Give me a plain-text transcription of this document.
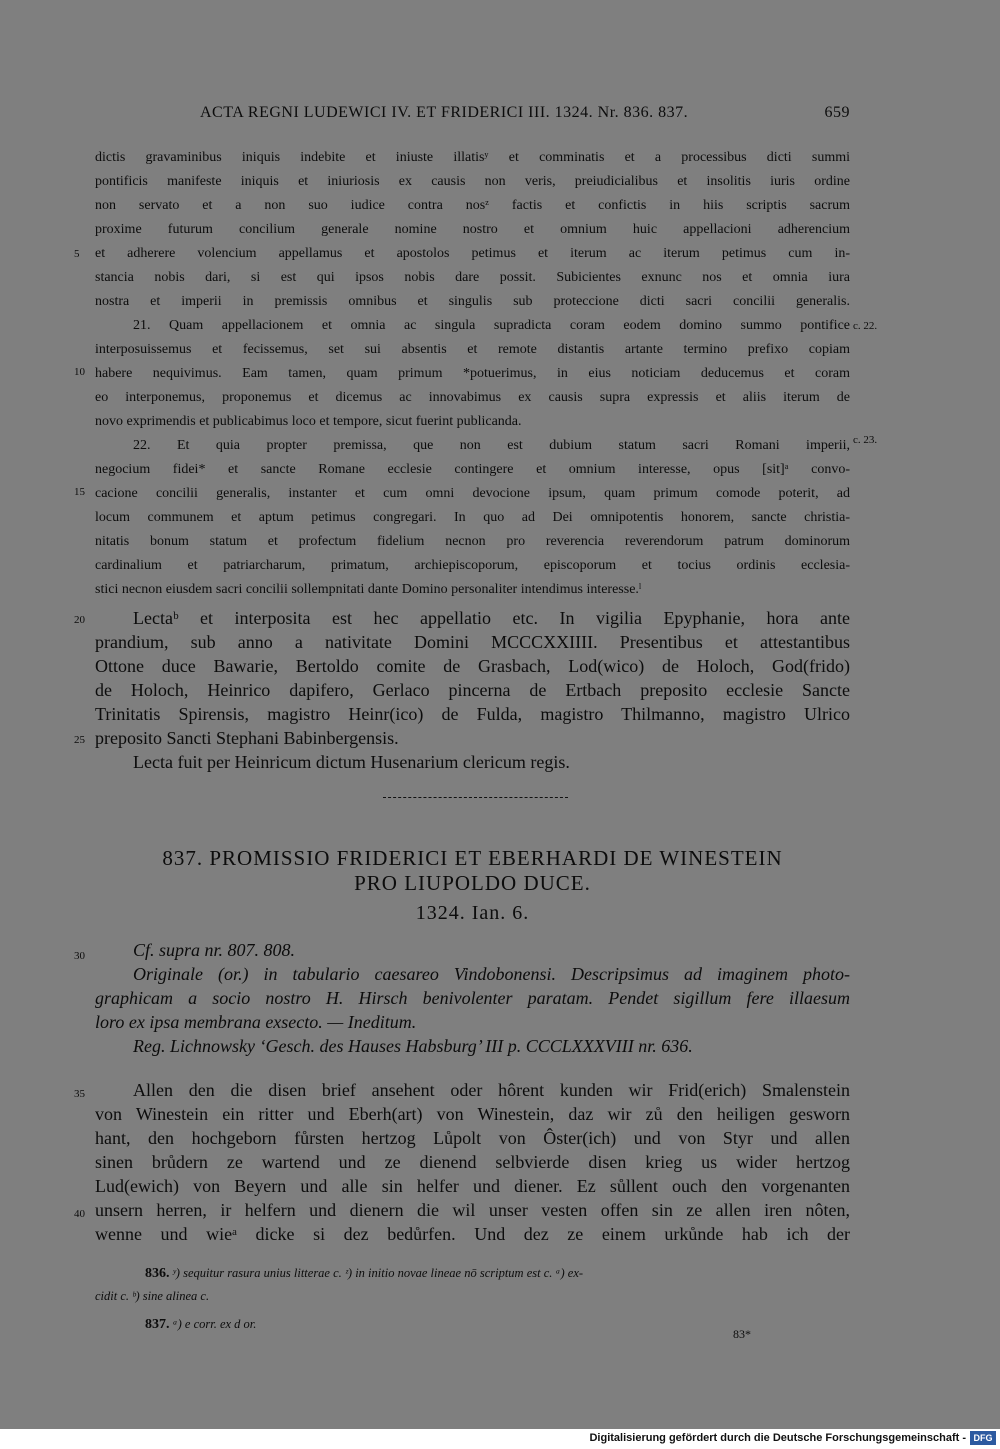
ACTA REGNI LUDEWICI IV. ET FRIDERICI III. 1324. Nr. 836. 837.	659
dictis gravaminibus iniquis indebite et iniuste illatisʸ et comminatis et a processibus dicti summi
pontificis manifeste iniquis et iniuriosis ex causis non veris, preiudicialibus et insolitis iuris ordine
non servato et a non suo iudice contra nosᶻ factis et confictis in hiis scriptis sacrum
proxime futurum concilium generale nomine nostro et omnium huic appellacioni adherencium
et adherere volencium appellamus et apostolos petimus et iterum ac iterum petimus cum in-
stancia nobis dari, si est qui ipsos nobis dare possit. Subicientes exnunc nos et omnia iura
nostra et imperii in premissis omnibus et singulis sub proteccione dicti sacri concilii generalis.
21. Quam appellacionem et omnia ac singula supradicta coram eodem domino summo pontifice
interposuissemus et fecissemus, set sui absentis et remote distantis artante termino prefixo copiam
habere nequivimus. Eam tamen, quam primum *potuerimus, in eius noticiam deducemus et coram
eo interponemus, proponemus et dicemus ac innovabimus ex causis supra expressis et aliis iterum de
novo exprimendis et publicabimus loco et tempore, sicut fuerint publicanda.
22. Et quia propter premissa, que non est dubium statum sacri Romani imperii,
negocium fidei* et sancte Romane ecclesie contingere et omnium interesse, opus [sit]ᵃ convo-
cacione concilii generalis, instanter et cum omni devocione ipsum, quam primum comode poterit, ad
locum communem et aptum petimus congregari. In quo ad Dei omnipotentis honorem, sancte christia-
nitatis bonum statum et profectum fidelium necnon pro reverencia reverendorum patrum dominorum
cardinalium et patriarcharum, primatum, archiepiscoporum, episcoporum et tocius ordinis ecclesia-
stici necnon eiusdem sacri concilii sollempnitati dante Domino personaliter intendimus interesse.ˡ
Lectaᵇ et interposita est hec appellatio etc. In vigilia Epyphanie, hora ante
prandium, sub anno a nativitate Domini MCCCXXIIII. Presentibus et attestantibus
Ottone duce Bawarie, Bertoldo comite de Grasbach, Lod(wico) de Holoch, God(frido)
de Holoch, Heinrico dapifero, Gerlaco pincerna de Ertbach preposito ecclesie Sancte
Trinitatis Spirensis, magistro Heinr(ico) de Fulda, magistro Thilmanno, magistro Ulrico
preposito Sancti Stephani Babinbergensis.
Lecta fuit per Heinricum dictum Husenarium clericum regis.
837. PROMISSIO FRIDERICI ET EBERHARDI DE WINESTEIN
PRO LIUPOLDO DUCE.
1324. Ian. 6.
Cf. supra nr. 807. 808.
Originale (or.) in tabulario caesareo Vindobonensi. Descripsimus ad imaginem photo-
graphicam a socio nostro H. Hirsch benivolenter paratam. Pendet sigillum fere illaesum
loro ex ipsa membrana exsecto. — Ineditum.
Reg. Lichnowsky ‘Gesch. des Hauses Habsburg’ III p. CCCLXXXVIII nr. 636.
Allen den die disen brief ansehent oder hôrent kunden wir Frid(erich) Smalenstein
von Winestein ein ritter und Eberh(art) von Winestein, daz wir zů den heiligen gesworn
hant, den hochgeborn fůrsten hertzog Lůpolt von Ôster(ich) und von Styr und allen
sinen brůdern ze wartend und ze dienend selbvierde disen krieg us wider hertzog
Lud(ewich) von Beyern und alle sin helfer und diener. Ez sůllent ouch den vorgenanten
unsern herren, ir helfern und dienern die wil unser vesten offen sin ze allen iren nôten,
wenne und wieᵃ dicke si dez bedůrfen. Und dez ze einem urkůnde hab ich der
5
10
15
20
25
30
35
40
c. 22.
c. 23.
836. ʸ) sequitur rasura unius litterae c. ᶻ) in initio novae lineae nō scriptum est c. ᵃ) ex-
cidit c. ᵇ) sine alinea c.
837. ᵃ) e corr. ex d or.
83*
Digitalisierung gefördert durch die Deutsche Forschungsgemeinschaft - DFG
